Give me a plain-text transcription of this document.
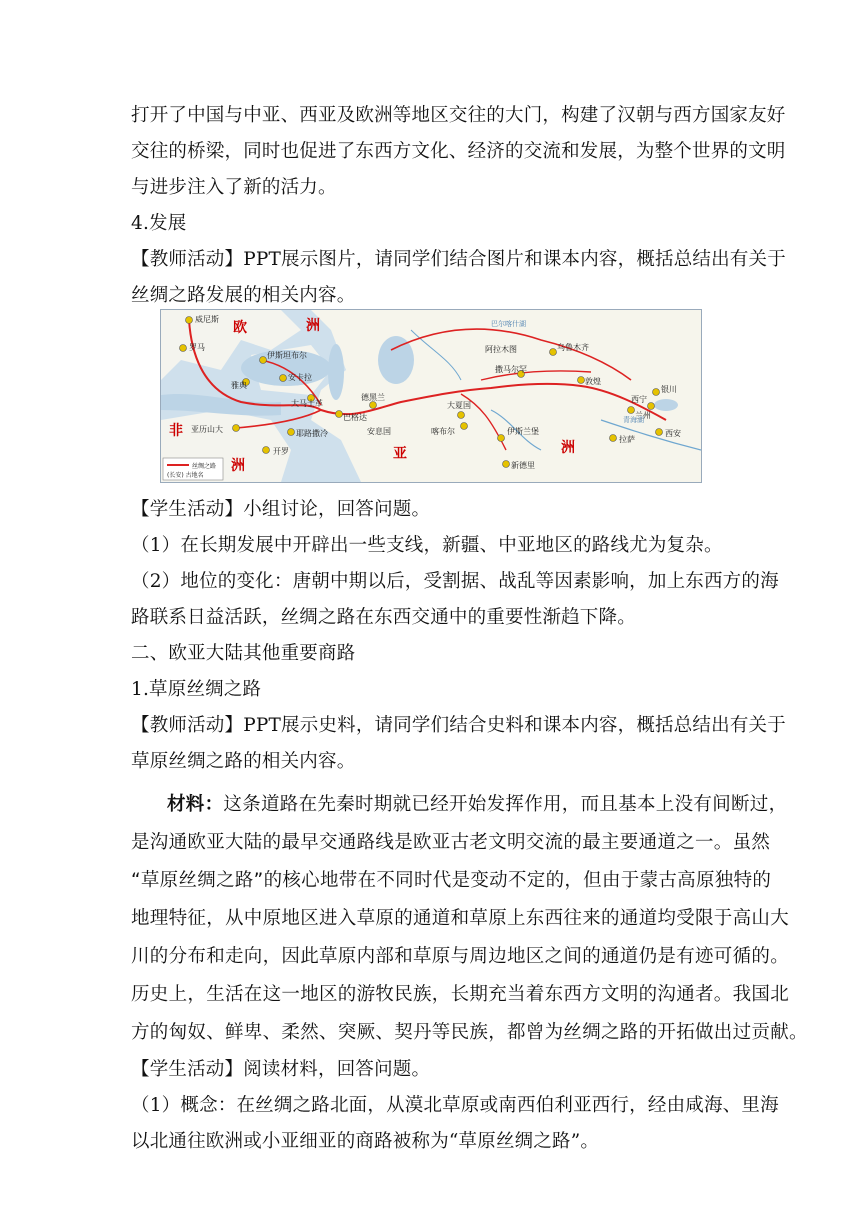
打开了中国与中亚、西亚及欧洲等地区交往的大门，构建了汉朝与西方国家友好
交往的桥梁，同时也促进了东西方文化、经济的交流和发展，为整个世界的文明
与进步注入了新的活力。
4.发展
【教师活动】PPT展示图片，请同学们结合图片和课本内容，概括总结出有关于
丝绸之路发展的相关内容。
威尼斯
罗马
伊斯坦布尔
安卡拉
雅典
大马士革
巴格达
德黑兰
亚历山大
开罗
耶路撒冷
大夏国
安息国	喀布尔	伊斯兰堡
新德里
撒马尔罕
阿拉木图	乌鲁木齐
敦煌
兰州
西宁
银川
西安
拉萨
巴尔喀什湖
青海湖
欧	洲
非
洲
亚	洲
丝绸之路
(长安) 古地名
【学生活动】小组讨论，回答问题。
（1）在长期发展中开辟出一些支线，新疆、中亚地区的路线尤为复杂。
（2）地位的变化：唐朝中期以后，受割据、战乱等因素影响，加上东西方的海
路联系日益活跃，丝绸之路在东西交通中的重要性渐趋下降。
二、欧亚大陆其他重要商路
1.草原丝绸之路
【教师活动】PPT展示史料，请同学们结合史料和课本内容，概括总结出有关于
草原丝绸之路的相关内容。
材料：这条道路在先秦时期就已经开始发挥作用，而且基本上没有间断过，
是沟通欧亚大陆的最早交通路线是欧亚古老文明交流的最主要通道之一。虽然
“草原丝绸之路”的核心地带在不同时代是变动不定的，但由于蒙古高原独特的
地理特征，从中原地区进入草原的通道和草原上东西往来的通道均受限于高山大
川的分布和走向，因此草原内部和草原与周边地区之间的通道仍是有迹可循的。
历史上，生活在这一地区的游牧民族，长期充当着东西方文明的沟通者。我国北
方的匈奴、鲜卑、柔然、突厥、契丹等民族，都曾为丝绸之路的开拓做出过贡献。
【学生活动】阅读材料，回答问题。
（1）概念：在丝绸之路北面，从漠北草原或南西伯利亚西行，经由咸海、里海
以北通往欧洲或小亚细亚的商路被称为“草原丝绸之路”。
